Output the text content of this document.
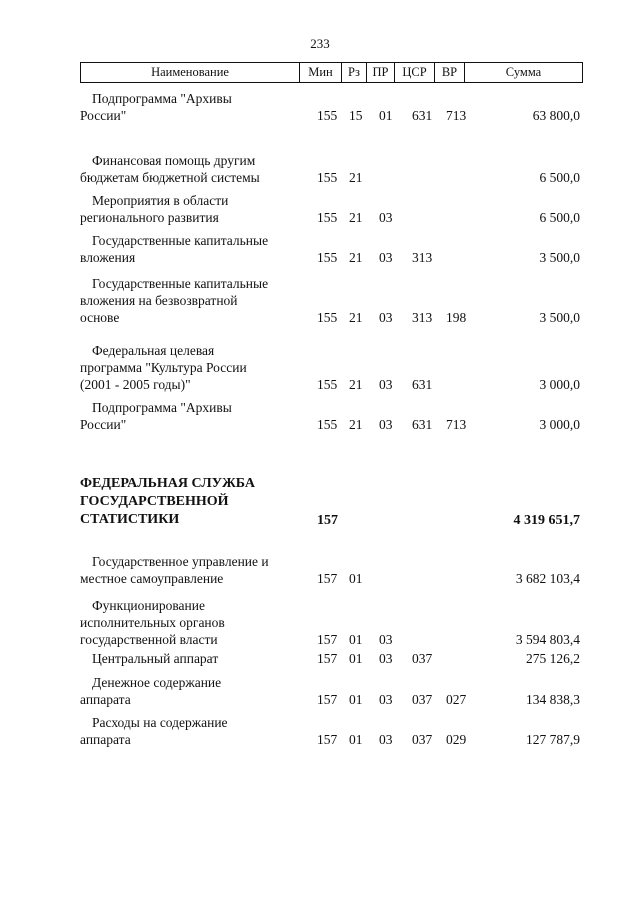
233
Наименование	Мин	Рз	ПР	ЦСР	ВР	Сумма
Подпрограмма "Архивы
России"	155 15 01 631 713	63 800,0
Финансовая помощь другим
бюджетам бюджетной системы	155 21	6 500,0
Мероприятия в области
регионального развития	155 21 03	6 500,0
Государственные капитальные
вложения	155 21 03 313	3 500,0
Государственные капитальные
вложения на безвозвратной
основе	155 21 03 313 198	3 500,0
Федеральная целевая
программа "Культура России
(2001 - 2005 годы)"	155 21 03 631	3 000,0
Подпрограмма "Архивы
России"	155 21 03 631 713	3 000,0
ФЕДЕРАЛЬНАЯ СЛУЖБА
ГОСУДАРСТВЕННОЙ
СТАТИСТИКИ	157	4 319 651,7
Государственное управление и
местное самоуправление	157 01	3 682 103,4
Функционирование
исполнительных органов
государственной власти	157 01 03	3 594 803,4
Центральный аппарат	157 01 03 037	275 126,2
Денежное содержание
аппарата	157 01 03 037 027	134 838,3
Расходы на содержание
аппарата	157 01 03 037 029	127 787,9
